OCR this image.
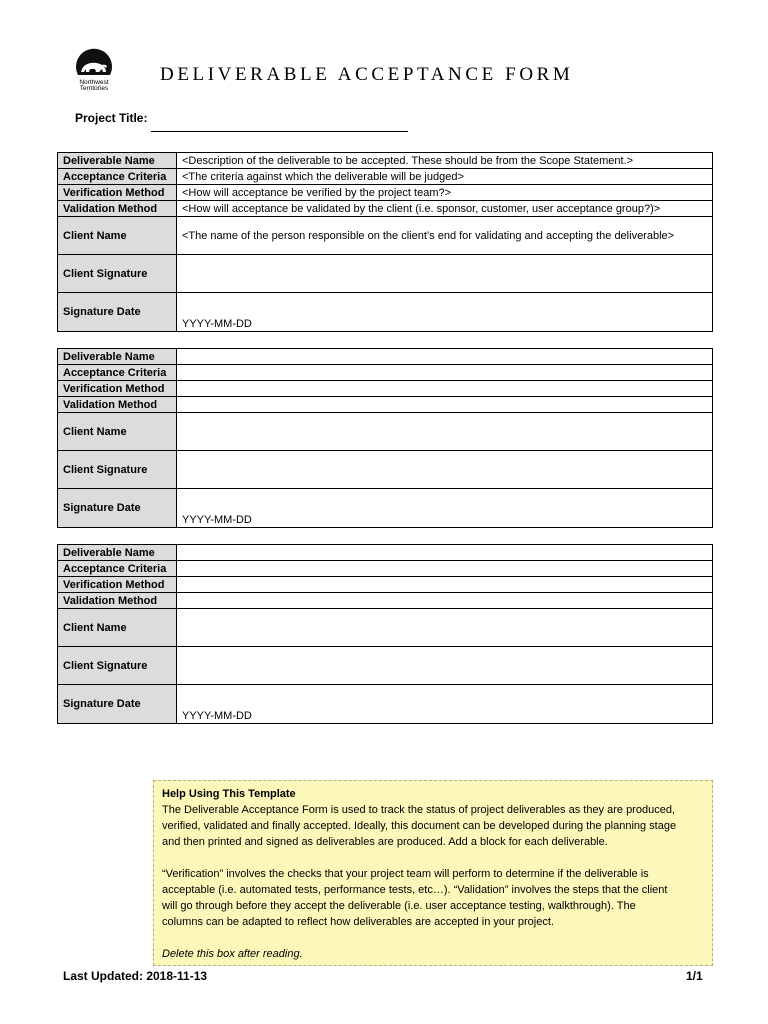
Northwest
Territories
DELIVERABLE ACCEPTANCE FORM
Project Title:
Deliverable Name	<Description of the deliverable to be accepted. These should be from the Scope Statement.>
Acceptance Criteria	<The criteria against which the deliverable will be judged>
Verification Method	<How will acceptance be verified by the project team?>
Validation Method	<How will acceptance be validated by the client (i.e. sponsor, customer, user acceptance group?)>
Client Name	<The name of the person responsible on the client’s end for validating and accepting the deliverable>
Client Signature	
Signature Date	YYYY-MM-DD
Deliverable Name	
Acceptance Criteria	
Verification Method	
Validation Method	
Client Name	
Client Signature	
Signature Date	YYYY-MM-DD
Deliverable Name	
Acceptance Criteria	
Verification Method	
Validation Method	
Client Name	
Client Signature	
Signature Date	YYYY-MM-DD

Help Using This Template

The Deliverable Acceptance Form is used to track the status of project deliverables as they are produced,

verified, validated and finally accepted. Ideally, this document can be developed during the planning stage

and then printed and signed as deliverables are produced. Add a block for each deliverable.

“Verification” involves the checks that your project team will perform to determine if the deliverable is

acceptable (i.e. automated tests, performance tests, etc…). “Validation” involves the steps that the client

will go through before they accept the deliverable (i.e. user acceptance testing, walkthrough). The

columns can be adapted to reflect how deliverables are accepted in your project.

Delete this box after reading.

Last Updated: 2018-11-13	1/1
